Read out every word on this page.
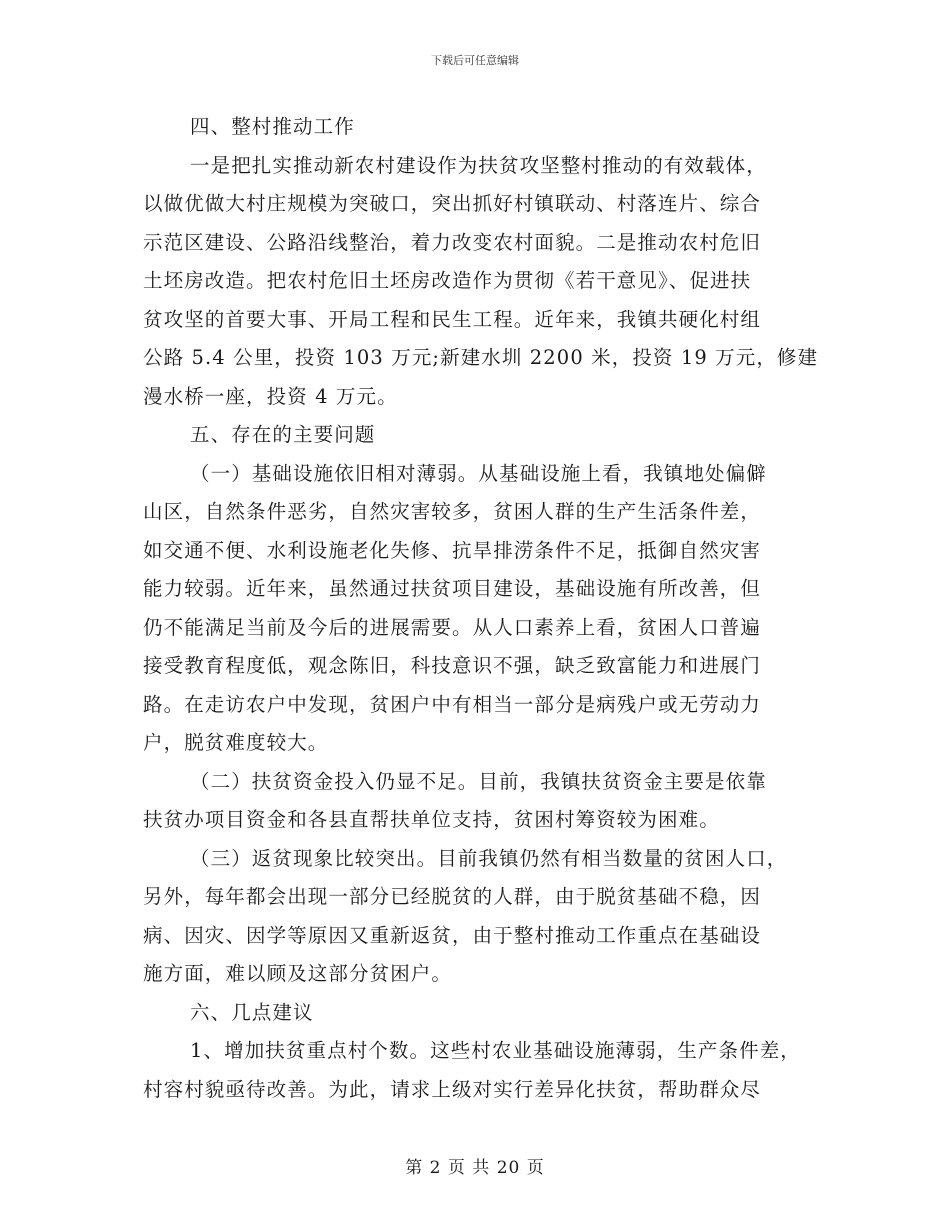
下载后可任意编辑
四、整村推动工作
一是把扎实推动新农村建设作为扶贫攻坚整村推动的有效载体，
以做优做大村庄规模为突破口，突出抓好村镇联动、村落连片、综合
示范区建设、公路沿线整治，着力改变农村面貌。二是推动农村危旧
土坯房改造。把农村危旧土坯房改造作为贯彻《若干意见》、促进扶
贫攻坚的首要大事、开局工程和民生工程。近年来，我镇共硬化村组
公路 5.4 公里，投资 103 万元;新建水圳 2200 米，投资 19 万元，修建
漫水桥一座，投资 4 万元。
五、存在的主要问题
（一）基础设施依旧相对薄弱。从基础设施上看，我镇地处偏僻
山区，自然条件恶劣，自然灾害较多，贫困人群的生产生活条件差，
如交通不便、水利设施老化失修、抗旱排涝条件不足，抵御自然灾害
能力较弱。近年来，虽然通过扶贫项目建设，基础设施有所改善，但
仍不能满足当前及今后的进展需要。从人口素养上看，贫困人口普遍
接受教育程度低，观念陈旧，科技意识不强，缺乏致富能力和进展门
路。在走访农户中发现，贫困户中有相当一部分是病残户或无劳动力
户，脱贫难度较大。
（二）扶贫资金投入仍显不足。目前，我镇扶贫资金主要是依靠
扶贫办项目资金和各县直帮扶单位支持，贫困村筹资较为困难。
（三）返贫现象比较突出。目前我镇仍然有相当数量的贫困人口，
另外，每年都会出现一部分已经脱贫的人群，由于脱贫基础不稳，因
病、因灾、因学等原因又重新返贫，由于整村推动工作重点在基础设
施方面，难以顾及这部分贫困户。
六、几点建议
1、增加扶贫重点村个数。这些村农业基础设施薄弱，生产条件差，
村容村貌亟待改善。为此，请求上级对实行差异化扶贫，帮助群众尽
第 2 页 共 20 页
